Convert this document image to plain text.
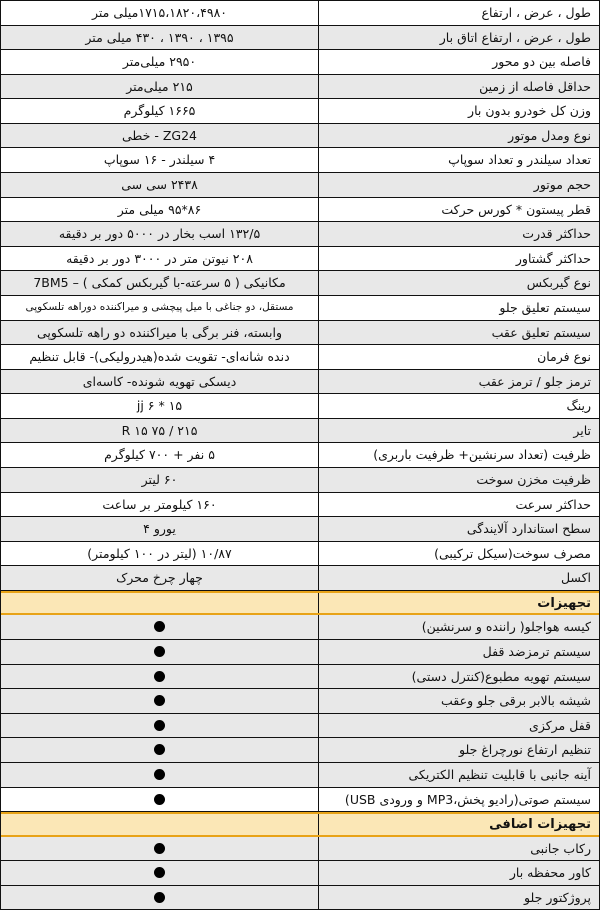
طول ، عرض ، ارتفاع
۱۷۱۵،۱۸۲۰،۴۹۸۰میلی متر
طول ، عرض ، ارتفاع اتاق بار
۱۳۹۵ ، ۱۳۹۰ ، ۴۳۰ میلی متر
فاصله بین دو محور
۲۹۵۰ میلی‌متر
حداقل فاصله از زمین
۲۱۵ میلی‌متر
وزن کل خودرو بدون بار
۱۶۶۵ کیلوگرم
نوع ومدل موتور
ZG24 - خطی
تعداد سیلندر و تعداد سوپاپ
۴ سیلندر - ۱۶ سوپاپ
حجم موتور
۲۴۳۸ سی سی
قطر پیستون * کورس حرکت
۸۶*۹۵ میلی متر
حداکثر قدرت
۱۳۲/۵ اسب بخار در ۵۰۰۰ دور بر دقیقه
حداکثر گشتاور
۲۰۸ نیوتن متر در ۳۰۰۰ دور بر دقیقه
نوع گیربکس
مکانیکی ( ۵ سرعته-با گیربکس کمکی ) – 7BM5
سیستم تعلیق جلو
مستقل، دو جناغی با میل پیچشی و میراکننده دوراهه تلسکوپی
سیستم تعلیق عقب
وابسته، فنر برگی با میراکننده دو راهه تلسکوپی
نوع فرمان
دنده شانه‌ای- تقویت شده(هیدرولیکی)- قابل تنظیم
ترمز جلو / ترمز عقب
دیسکی تهویه شونده- کاسه‌ای
رینگ
۱۵ * ۶ jj
تایر
۲۱۵ / ۷۵ R ۱۵
ظرفیت (تعداد سرنشین+ ظرفیت باربری)
۵ نفر + ۷۰۰ کیلوگرم
ظرفیت مخزن سوخت
۶۰ لیتر
حداکثر سرعت
۱۶۰ کیلومتر بر ساعت
سطح استاندارد آلایندگی
یورو ۴
مصرف سوخت(سیکل ترکیبی)
۱۰/۸۷ (لیتر در ۱۰۰ کیلومتر)
اکسل
چهار چرخ محرک
تجهیزات
کیسه هواجلو( راننده و سرنشین)
سیستم ترمزضد قفل
سیستم تهویه مطبوع(کنترل دستی)
شیشه بالابر برقی جلو وعقب
قفل مرکزی
تنظیم ارتفاع نورچراغ جلو
آینه جانبی با قابلیت تنظیم الکتریکی
سیستم صوتی(رادیو پخش،MP3 و ورودی USB)
تجهیزات اضافی
رکاب جانبی
کاور محفظه بار
پروژکتور جلو
